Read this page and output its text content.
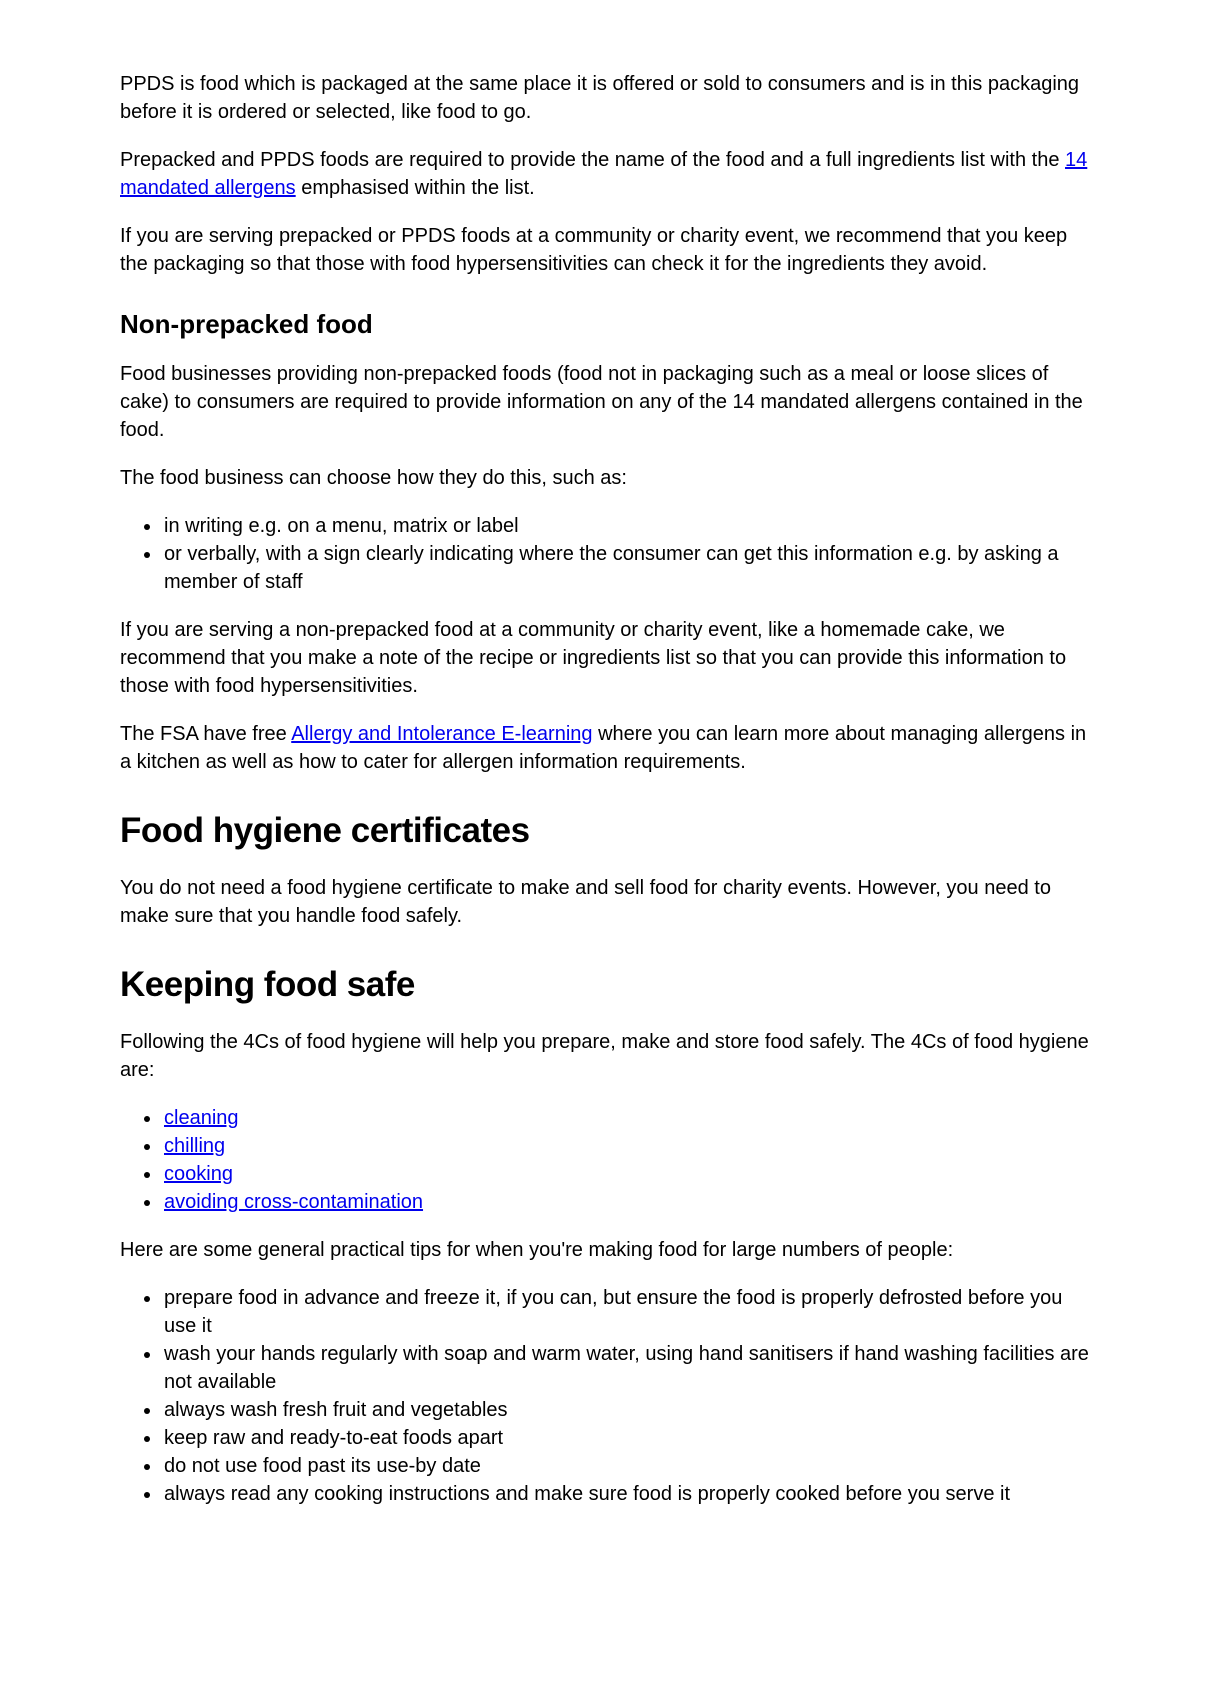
PPDS is food which is packaged at the same place it is offered or sold to consumers and is in this packaging before it is ordered or selected, like food to go.

Prepacked and PPDS foods are required to provide the name of the food and a full ingredients list with the 14 mandated allergens emphasised within the list.

If you are serving prepacked or PPDS foods at a community or charity event, we recommend that you keep the packaging so that those with food hypersensitivities can check it for the ingredients they avoid.

Non-prepacked food

Food businesses providing non-prepacked foods (food not in packaging such as a meal or loose slices of cake) to consumers are required to provide information on any of the 14 mandated allergens contained in the food.

The food business can choose how they do this, such as:

• in writing e.g. on a menu, matrix or label
• or verbally, with a sign clearly indicating where the consumer can get this information e.g. by asking a member of staff

If you are serving a non-prepacked food at a community or charity event, like a homemade cake, we recommend that you make a note of the recipe or ingredients list so that you can provide this information to those with food hypersensitivities.

The FSA have free Allergy and Intolerance E-learning where you can learn more about managing allergens in a kitchen as well as how to cater for allergen information requirements.

Food hygiene certificates

You do not need a food hygiene certificate to make and sell food for charity events. However, you need to make sure that you handle food safely.

Keeping food safe

Following the 4Cs of food hygiene will help you prepare, make and store food safely. The 4Cs of food hygiene are:

• cleaning
• chilling
• cooking
• avoiding cross-contamination

Here are some general practical tips for when you're making food for large numbers of people:

• prepare food in advance and freeze it, if you can, but ensure the food is properly defrosted before you use it
• wash your hands regularly with soap and warm water, using hand sanitisers if hand washing facilities are not available
• always wash fresh fruit and vegetables
• keep raw and ready-to-eat foods apart
• do not use food past its use-by date
• always read any cooking instructions and make sure food is properly cooked before you serve it
